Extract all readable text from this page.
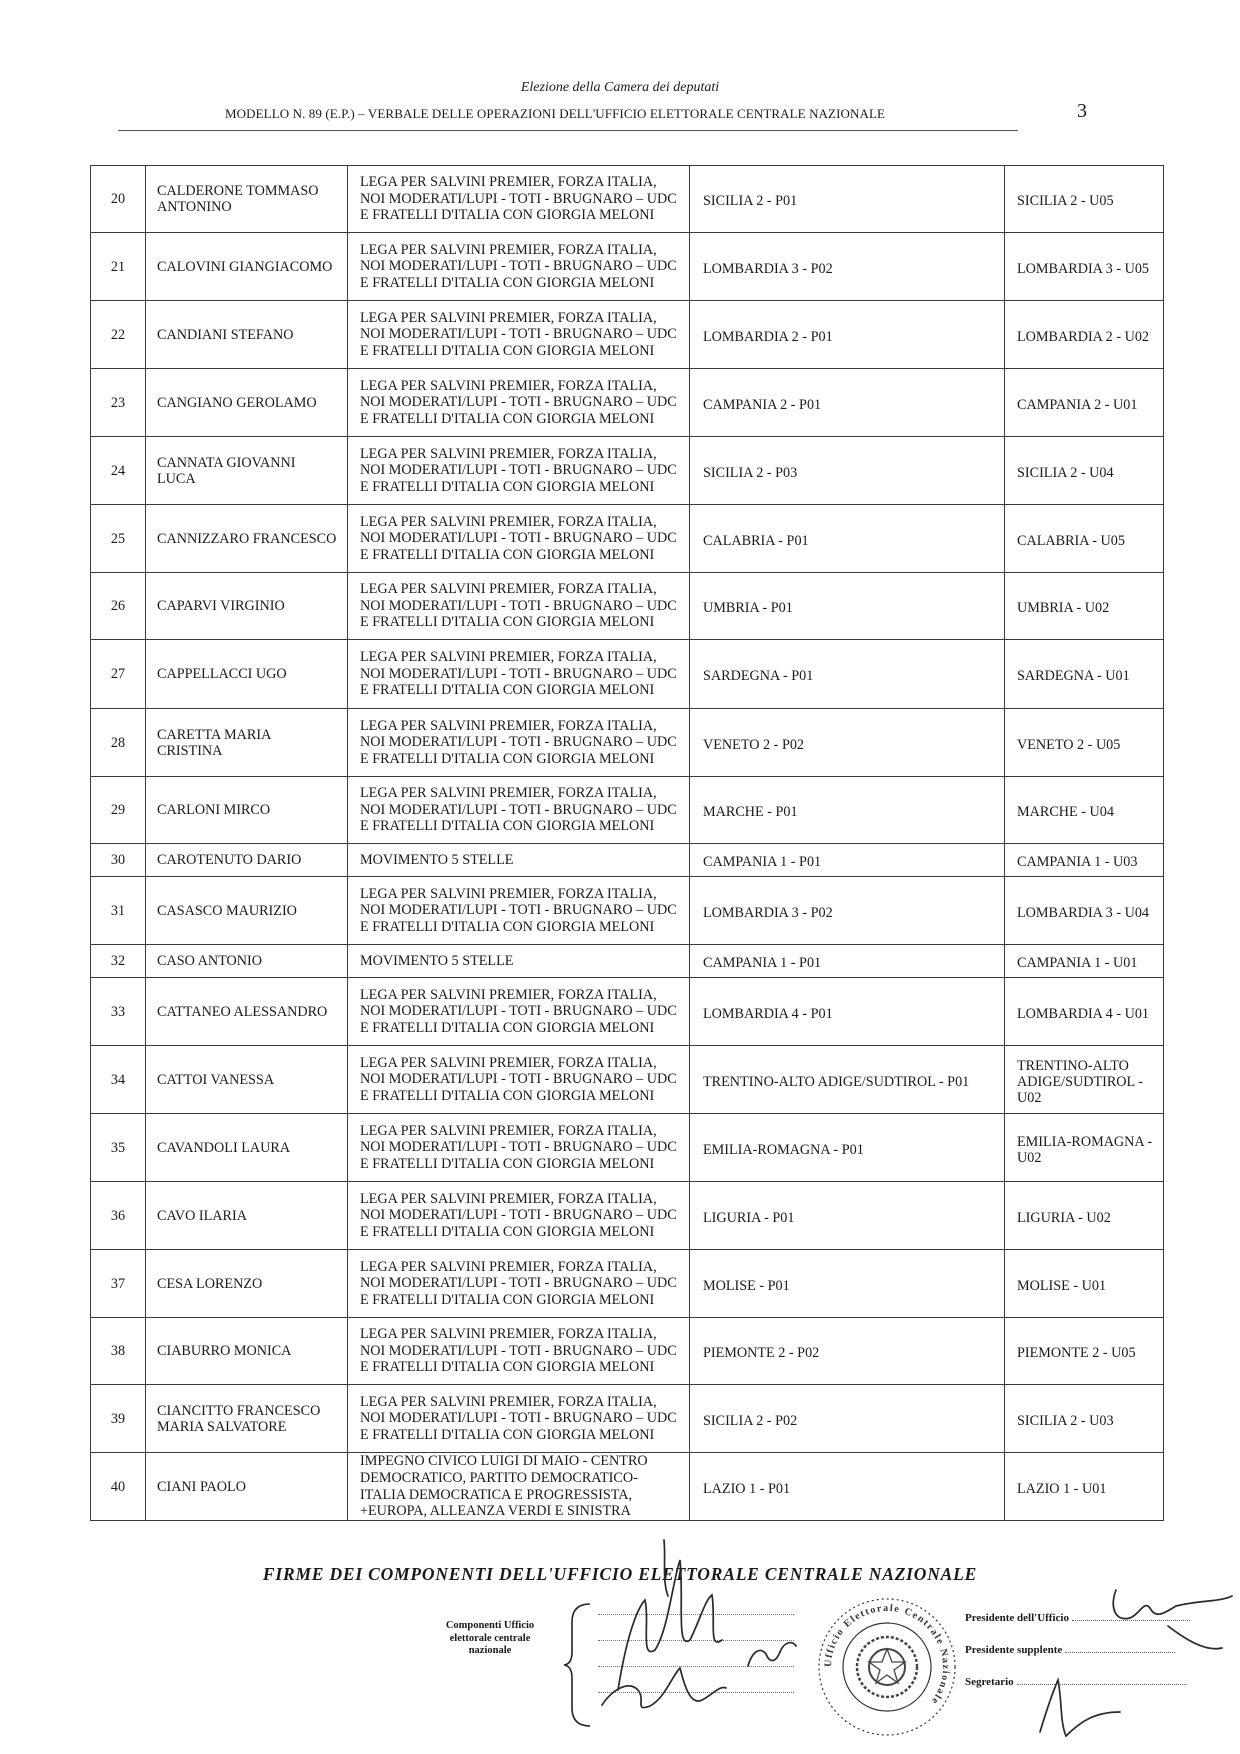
Elezione della Camera dei deputati
MODELLO N. 89 (E.P.) – VERBALE DELLE OPERAZIONI DELL'UFFICIO ELETTORALE CENTRALE NAZIONALE	3
20	CALDERONE TOMMASO ANTONINO	LEGA PER SALVINI PREMIER, FORZA ITALIA, NOI MODERATI/LUPI - TOTI - BRUGNARO – UDC E FRATELLI D'ITALIA CON GIORGIA MELONI	SICILIA 2 - P01	SICILIA 2 - U05
21	CALOVINI GIANGIACOMO	LEGA PER SALVINI PREMIER, FORZA ITALIA, NOI MODERATI/LUPI - TOTI - BRUGNARO – UDC E FRATELLI D'ITALIA CON GIORGIA MELONI	LOMBARDIA 3 - P02	LOMBARDIA 3 - U05
22	CANDIANI STEFANO	LEGA PER SALVINI PREMIER, FORZA ITALIA, NOI MODERATI/LUPI - TOTI - BRUGNARO – UDC E FRATELLI D'ITALIA CON GIORGIA MELONI	LOMBARDIA 2 - P01	LOMBARDIA 2 - U02
23	CANGIANO GEROLAMO	LEGA PER SALVINI PREMIER, FORZA ITALIA, NOI MODERATI/LUPI - TOTI - BRUGNARO – UDC E FRATELLI D'ITALIA CON GIORGIA MELONI	CAMPANIA 2 - P01	CAMPANIA 2 - U01
24	CANNATA GIOVANNI LUCA	LEGA PER SALVINI PREMIER, FORZA ITALIA, NOI MODERATI/LUPI - TOTI - BRUGNARO – UDC E FRATELLI D'ITALIA CON GIORGIA MELONI	SICILIA 2 - P03	SICILIA 2 - U04
25	CANNIZZARO FRANCESCO	LEGA PER SALVINI PREMIER, FORZA ITALIA, NOI MODERATI/LUPI - TOTI - BRUGNARO – UDC E FRATELLI D'ITALIA CON GIORGIA MELONI	CALABRIA - P01	CALABRIA - U05
26	CAPARVI VIRGINIO	LEGA PER SALVINI PREMIER, FORZA ITALIA, NOI MODERATI/LUPI - TOTI - BRUGNARO – UDC E FRATELLI D'ITALIA CON GIORGIA MELONI	UMBRIA - P01	UMBRIA - U02
27	CAPPELLACCI UGO	LEGA PER SALVINI PREMIER, FORZA ITALIA, NOI MODERATI/LUPI - TOTI - BRUGNARO – UDC E FRATELLI D'ITALIA CON GIORGIA MELONI	SARDEGNA - P01	SARDEGNA - U01
28	CARETTA MARIA CRISTINA	LEGA PER SALVINI PREMIER, FORZA ITALIA, NOI MODERATI/LUPI - TOTI - BRUGNARO – UDC E FRATELLI D'ITALIA CON GIORGIA MELONI	VENETO 2 - P02	VENETO 2 - U05
29	CARLONI MIRCO	LEGA PER SALVINI PREMIER, FORZA ITALIA, NOI MODERATI/LUPI - TOTI - BRUGNARO – UDC E FRATELLI D'ITALIA CON GIORGIA MELONI	MARCHE - P01	MARCHE - U04
30	CAROTENUTO DARIO	MOVIMENTO 5 STELLE	CAMPANIA 1 - P01	CAMPANIA 1 - U03
31	CASASCO MAURIZIO	LEGA PER SALVINI PREMIER, FORZA ITALIA, NOI MODERATI/LUPI - TOTI - BRUGNARO – UDC E FRATELLI D'ITALIA CON GIORGIA MELONI	LOMBARDIA 3 - P02	LOMBARDIA 3 - U04
32	CASO ANTONIO	MOVIMENTO 5 STELLE	CAMPANIA 1 - P01	CAMPANIA 1 - U01
33	CATTANEO ALESSANDRO	LEGA PER SALVINI PREMIER, FORZA ITALIA, NOI MODERATI/LUPI - TOTI - BRUGNARO – UDC E FRATELLI D'ITALIA CON GIORGIA MELONI	LOMBARDIA 4 - P01	LOMBARDIA 4 - U01
34	CATTOI VANESSA	LEGA PER SALVINI PREMIER, FORZA ITALIA, NOI MODERATI/LUPI - TOTI - BRUGNARO – UDC E FRATELLI D'ITALIA CON GIORGIA MELONI	TRENTINO-ALTO ADIGE/SUDTIROL - P01	TRENTINO-ALTO ADIGE/SUDTIROL - U02
35	CAVANDOLI LAURA	LEGA PER SALVINI PREMIER, FORZA ITALIA, NOI MODERATI/LUPI - TOTI - BRUGNARO – UDC E FRATELLI D'ITALIA CON GIORGIA MELONI	EMILIA-ROMAGNA - P01	EMILIA-ROMAGNA - U02
36	CAVO ILARIA	LEGA PER SALVINI PREMIER, FORZA ITALIA, NOI MODERATI/LUPI - TOTI - BRUGNARO – UDC E FRATELLI D'ITALIA CON GIORGIA MELONI	LIGURIA - P01	LIGURIA - U02
37	CESA LORENZO	LEGA PER SALVINI PREMIER, FORZA ITALIA, NOI MODERATI/LUPI - TOTI - BRUGNARO – UDC E FRATELLI D'ITALIA CON GIORGIA MELONI	MOLISE - P01	MOLISE - U01
38	CIABURRO MONICA	LEGA PER SALVINI PREMIER, FORZA ITALIA, NOI MODERATI/LUPI - TOTI - BRUGNARO – UDC E FRATELLI D'ITALIA CON GIORGIA MELONI	PIEMONTE 2 - P02	PIEMONTE 2 - U05
39	CIANCITTO FRANCESCO MARIA SALVATORE	LEGA PER SALVINI PREMIER, FORZA ITALIA, NOI MODERATI/LUPI - TOTI - BRUGNARO – UDC E FRATELLI D'ITALIA CON GIORGIA MELONI	SICILIA 2 - P02	SICILIA 2 - U03
40	CIANI PAOLO	IMPEGNO CIVICO LUIGI DI MAIO - CENTRO DEMOCRATICO, PARTITO DEMOCRATICO-ITALIA DEMOCRATICA E PROGRESSISTA, +EUROPA, ALLEANZA VERDI E SINISTRA	LAZIO 1 - P01	LAZIO 1 - U01
FIRME DEI COMPONENTI DELL'UFFICIO ELETTORALE CENTRALE NAZIONALE
Componenti Ufficio elettorale centrale nazionale
Ufficio Elettorale Centrale Nazionale
Presidente dell'Ufficio
Presidente supplente
Segretario
